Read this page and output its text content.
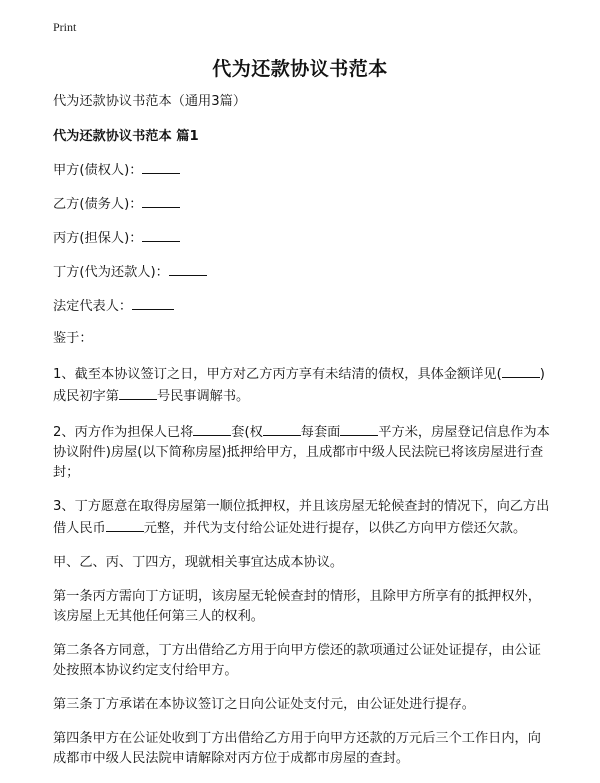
Print
代为还款协议书范本

代为还款协议书范本（通用3篇）

代为还款协议书范本 篇1

甲方(债权人)：

乙方(债务人)：

丙方(担保人)：

丁方(代为还款人)：

法定代表人：

鉴于：

1、截至本协议签订之日，甲方对乙方丙方享有未结清的债权，具体金额详见(	)成民初字第	号民事调解书。

2、丙方作为担保人已将	套(权	每套面	平方米，房屋登记信息作为本协议附件)房屋(以下简称房屋)抵押给甲方，且成都市中级人民法院已将该房屋进行查封；

3、丁方愿意在取得房屋第一顺位抵押权，并且该房屋无轮候查封的情况下，向乙方出借人民币	元整，并代为支付给公证处进行提存，以供乙方向甲方偿还欠款。

甲、乙、丙、丁四方，现就相关事宜达成本协议。

第一条丙方需向丁方证明，该房屋无轮候查封的情形，且除甲方所享有的抵押权外，该房屋上无其他任何第三人的权利。

第二条各方同意，丁方出借给乙方用于向甲方偿还的款项通过公证处证提存，由公证处按照本协议约定支付给甲方。

第三条丁方承诺在本协议签订之日向公证处支付元，由公证处进行提存。

第四条甲方在公证处收到丁方出借给乙方用于向甲方还款的万元后三个工作日内，向成都市中级人民法院申请解除对丙方位于成都市房屋的查封。
